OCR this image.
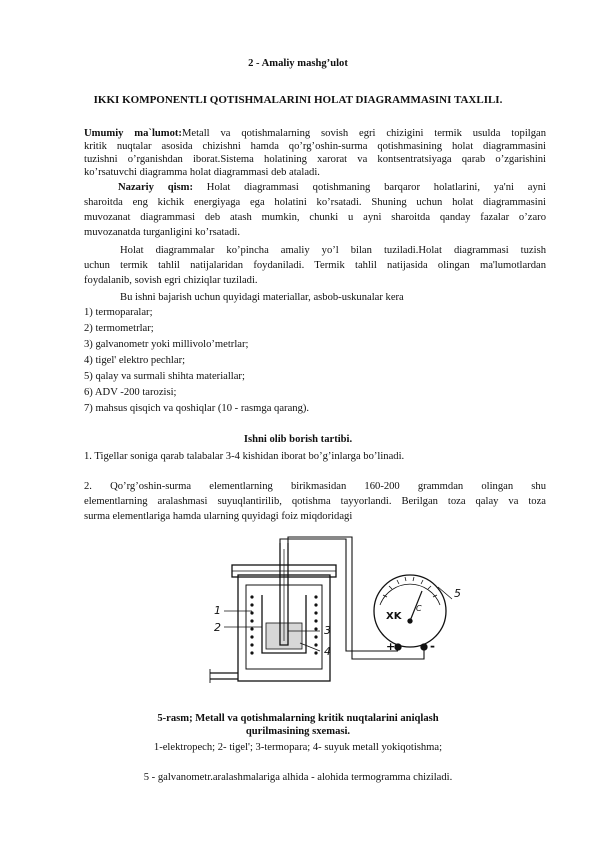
2 - Amaliy mashg’ulot
IKKI KOMPONENTLI QOTISHMALARINI HOLAT DIAGRAMMASINI TAXLILI.
Umumiy ma`lumot:Metall va qotishmalarning sovish egri chizigini termik usulda topilgan
kritik nuqtalar asosida chizishni hamda qo’rg’oshin-surma qotishmasining holat diagrammasini
tuzishni o’rganishdan iborat.Sistema holatining xarorat va kontsentratsiyaga qarab o’zgarishini
ko’rsatuvchi diagramma holat diagrammasi deb ataladi.
Nazariy qism: Holat diagrammasi qotishmaning barqaror holatlarini, ya'ni ayni
sharoitda eng kichik energiyaga ega holatini ko’rsatadi. Shuning uchun holat diagrammasini
muvozanat diagrammasi deb atash mumkin, chunki u ayni sharoitda qanday fazalar o’zaro
muvozanatda turganligini ko’rsatadi.
Holat diagrammalar ko’pincha amaliy yo’l bilan tuziladi.Holat diagrammasi tuzish
uchun termik tahlil natijalaridan foydaniladi. Termik tahlil natijasida olingan ma'lumotlardan
foydalanib, sovish egri chiziqlar tuziladi.
Bu ishni bajarish uchun quyidagi materiallar, asbob-uskunalar kera
1) termoparalar;
2) termometrlar;
3) galvanometr yoki millivolo’metrlar;
4) tigel' elektro pechlar;
5) qalay va surmali shihta materiallar;
6) ADV -200 tarozisi;
7) mahsus qisqich va qoshiqlar (10 - rasmga qarang).
Ishni olib borish tartibi.
1. Tigellar soniga qarab talabalar 3-4 kishidan iborat bo’g’inlarga bo’linadi.
2. Qo’rg’oshin-surma elementlarning birikmasidan 160-200 grammdan olingan shu
elementlarning aralashmasi suyuqlantirilib, qotishma tayyorlandi. Berilgan toza qalay va toza
surma elementlariga hamda ularning quyidagi foiz miqdoridagi
1
2	3
4
5
XK
C
+	-
5-rasm; Metall va qotishmalarning kritik nuqtalarini aniqlash
qurilmasining sxemasi.
1-elektropech; 2- tigel'; 3-termopara; 4- suyuk metall yokiqotishma;
5 - galvanometr.aralashmalariga alhida - alohida termogramma chiziladi.
